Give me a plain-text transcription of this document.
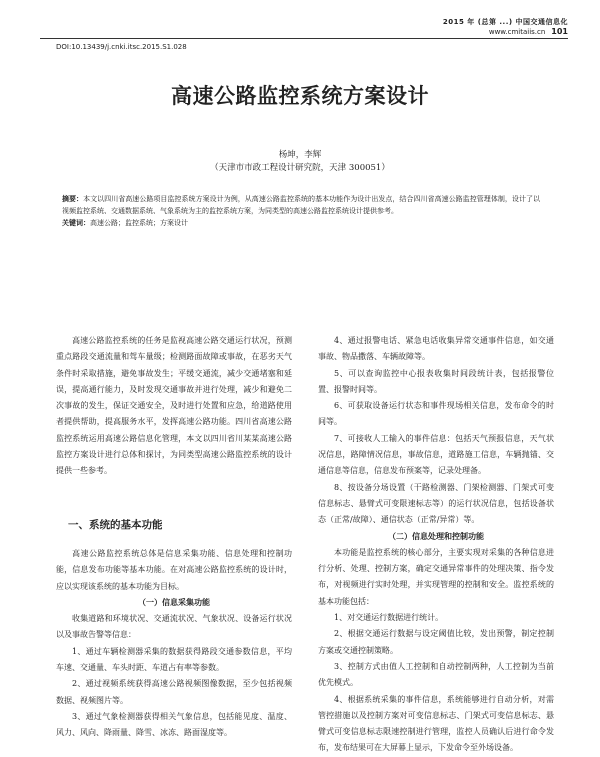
2015 年 (总第 ...) 中国交通信息化
www.cmitaiis.cn 101
DOI:10.13439/j.cnki.itsc.2015.S1.028
高速公路监控系统方案设计
杨坤，李辉
（天津市市政工程设计研究院，天津 300051）
摘要：本文以四川省高速公路项目监控系统方案设计为例，从高速公路监控系统的基本功能作为设计出发点，结合四川省高速公路监控管理体制，设计了以视频监控系统、交通数据系统、气象系统为主的监控系统方案，为同类型的高速公路监控系统设计提供参考。
关键词：高速公路；监控系统；方案设计

高速公路监控系统的任务是监视高速公路交通运行状况，预测重点路段交通流量和驾车量级；检测路面故障或事故，在恶劣天气条件时采取措施，避免事故发生；平缓交通流，减少交通堵塞和延误，提高通行能力，及时发现交通事故并进行处理，减少和避免二次事故的发生，保证交通安全，及时进行处置和应急，给道路使用者提供帮助，提高服务水平，发挥高速公路功能。四川省高速公路监控系统运用高速公路信息化管理，本文以四川省川某某高速公路监控方案设计进行总体和探讨，为同类型高速公路监控系统的设计提供一些参考。

一、系统的基本功能

高速公路监控系统总体是信息采集功能、信息处理和控制功能，信息发布功能等基本功能。在对高速公路监控系统的设计时，应以实现该系统的基本功能为目标。

（一）信息采集功能

收集道路和环境状况、交通流状况、气象状况、设备运行状况以及事故告警等信息：

1、通过车辆检测器采集的数据获得路段交通参数信息，平均车速、交通量、车头时距、车道占有率等参数。

2、通过视频系统获得高速公路视频图像数据，至少包括视频数据、视频图片等。

3、通过气象检测器获得相关气象信息，包括能见度、温度、风力、风向、降雨量、降雪、冰冻、路面湿度等。

4、通过报警电话、紧急电话收集异常交通事件信息，如交通事故、物品撒落、车辆故障等。

5、可以查询监控中心报表收集时间段统计表，包括报警位置、报警时间等。

6、可获取设备运行状态和事件现场相关信息，发布命令的时间等。

7、可接收人工输入的事件信息：包括天气预报信息，天气状况信息，路障情况信息，事故信息，道路施工信息，车辆抛锚、交通信息等信息，信息发布预案等，记录处理备。

8、按设备分场设置（干路检测器、门架检测器、门架式可变信息标志、悬臂式可变限速标志等）的运行状况信息，包括设备状态（正常/故障）、通信状态（正常/异常）等。

（二）信息处理和控制功能

本功能是监控系统的核心部分，主要实现对采集的各种信息进行分析、处理、控制方案，确定交通异常事件的处理决策、指令发布，对视频进行实时处理，并实现管理的控制和安全。监控系统的基本功能包括：

1、对交通运行数据进行统计。

2、根据交通运行数据与设定阈值比较，发出预警，制定控制方案或交通控制策略。

3、控制方式由值人工控制和自动控制两种，人工控制为当前优先模式。

4、根据系统采集的事件信息，系统能够进行自动分析，对需管控措施以及控制方案对可变信息标志、门架式可变信息标志、悬臂式可变信息标志限速控制进行管理，监控人员确认后进行命令发布，发布结果可在大屏幕上显示，下发命令至外场设备。
